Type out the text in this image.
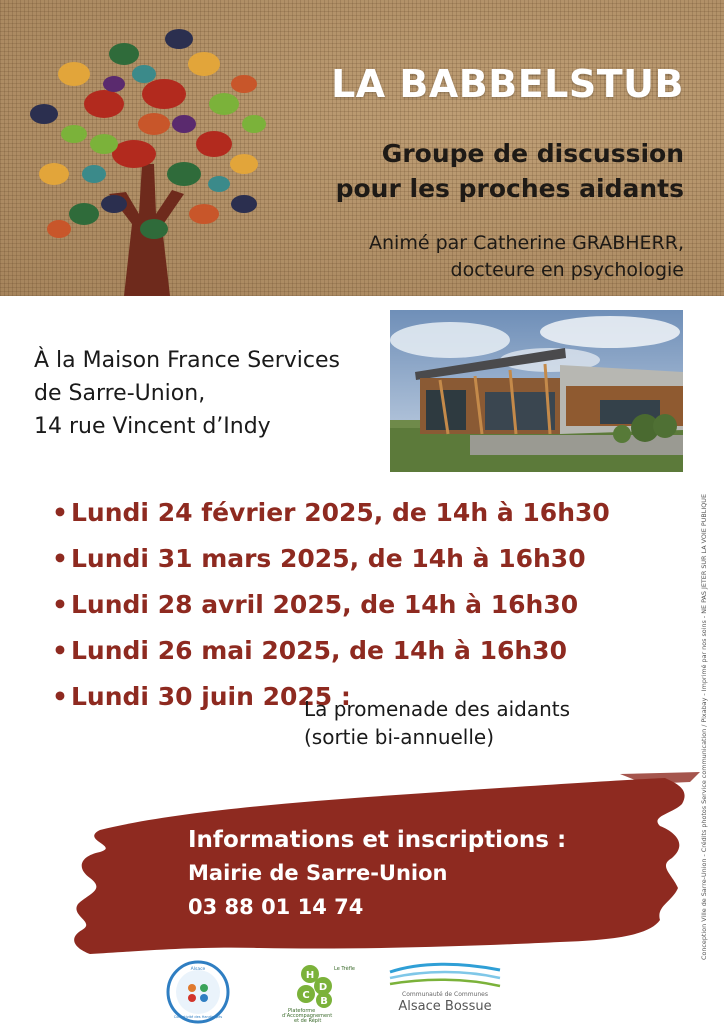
LA BABBELSTUB
Groupe de discussion
pour les proches aidants
Animé par Catherine GRABHERR,
docteure en psychologie
À la Maison France Services
de Sarre-Union,
14 rue Vincent d’Indy
• Lundi 24 février 2025, de 14h à 16h30
• Lundi 31 mars 2025, de 14h à 16h30
• Lundi 28 avril 2025, de 14h à 16h30
• Lundi 26 mai 2025, de 14h à 16h30
• Lundi 30 juin 2025 :
La promenade des aidants
(sortie bi-annuelle)
Informations et inscriptions :
Mairie de Sarre-Union
03 88 01 14 74	Conception Ville de Sarre-Union - Crédits photos Service communication / Pixabay - Imprimé par nos soins - NE PAS JETER SUR LA VOIE PUBLIQUE
Alsace
Collectivité des Handicapés
H
D
C
B
Le Trèfle
Plateforme
d’Accompagnement
et de Répit
Communauté de Communes
Alsace Bossue
